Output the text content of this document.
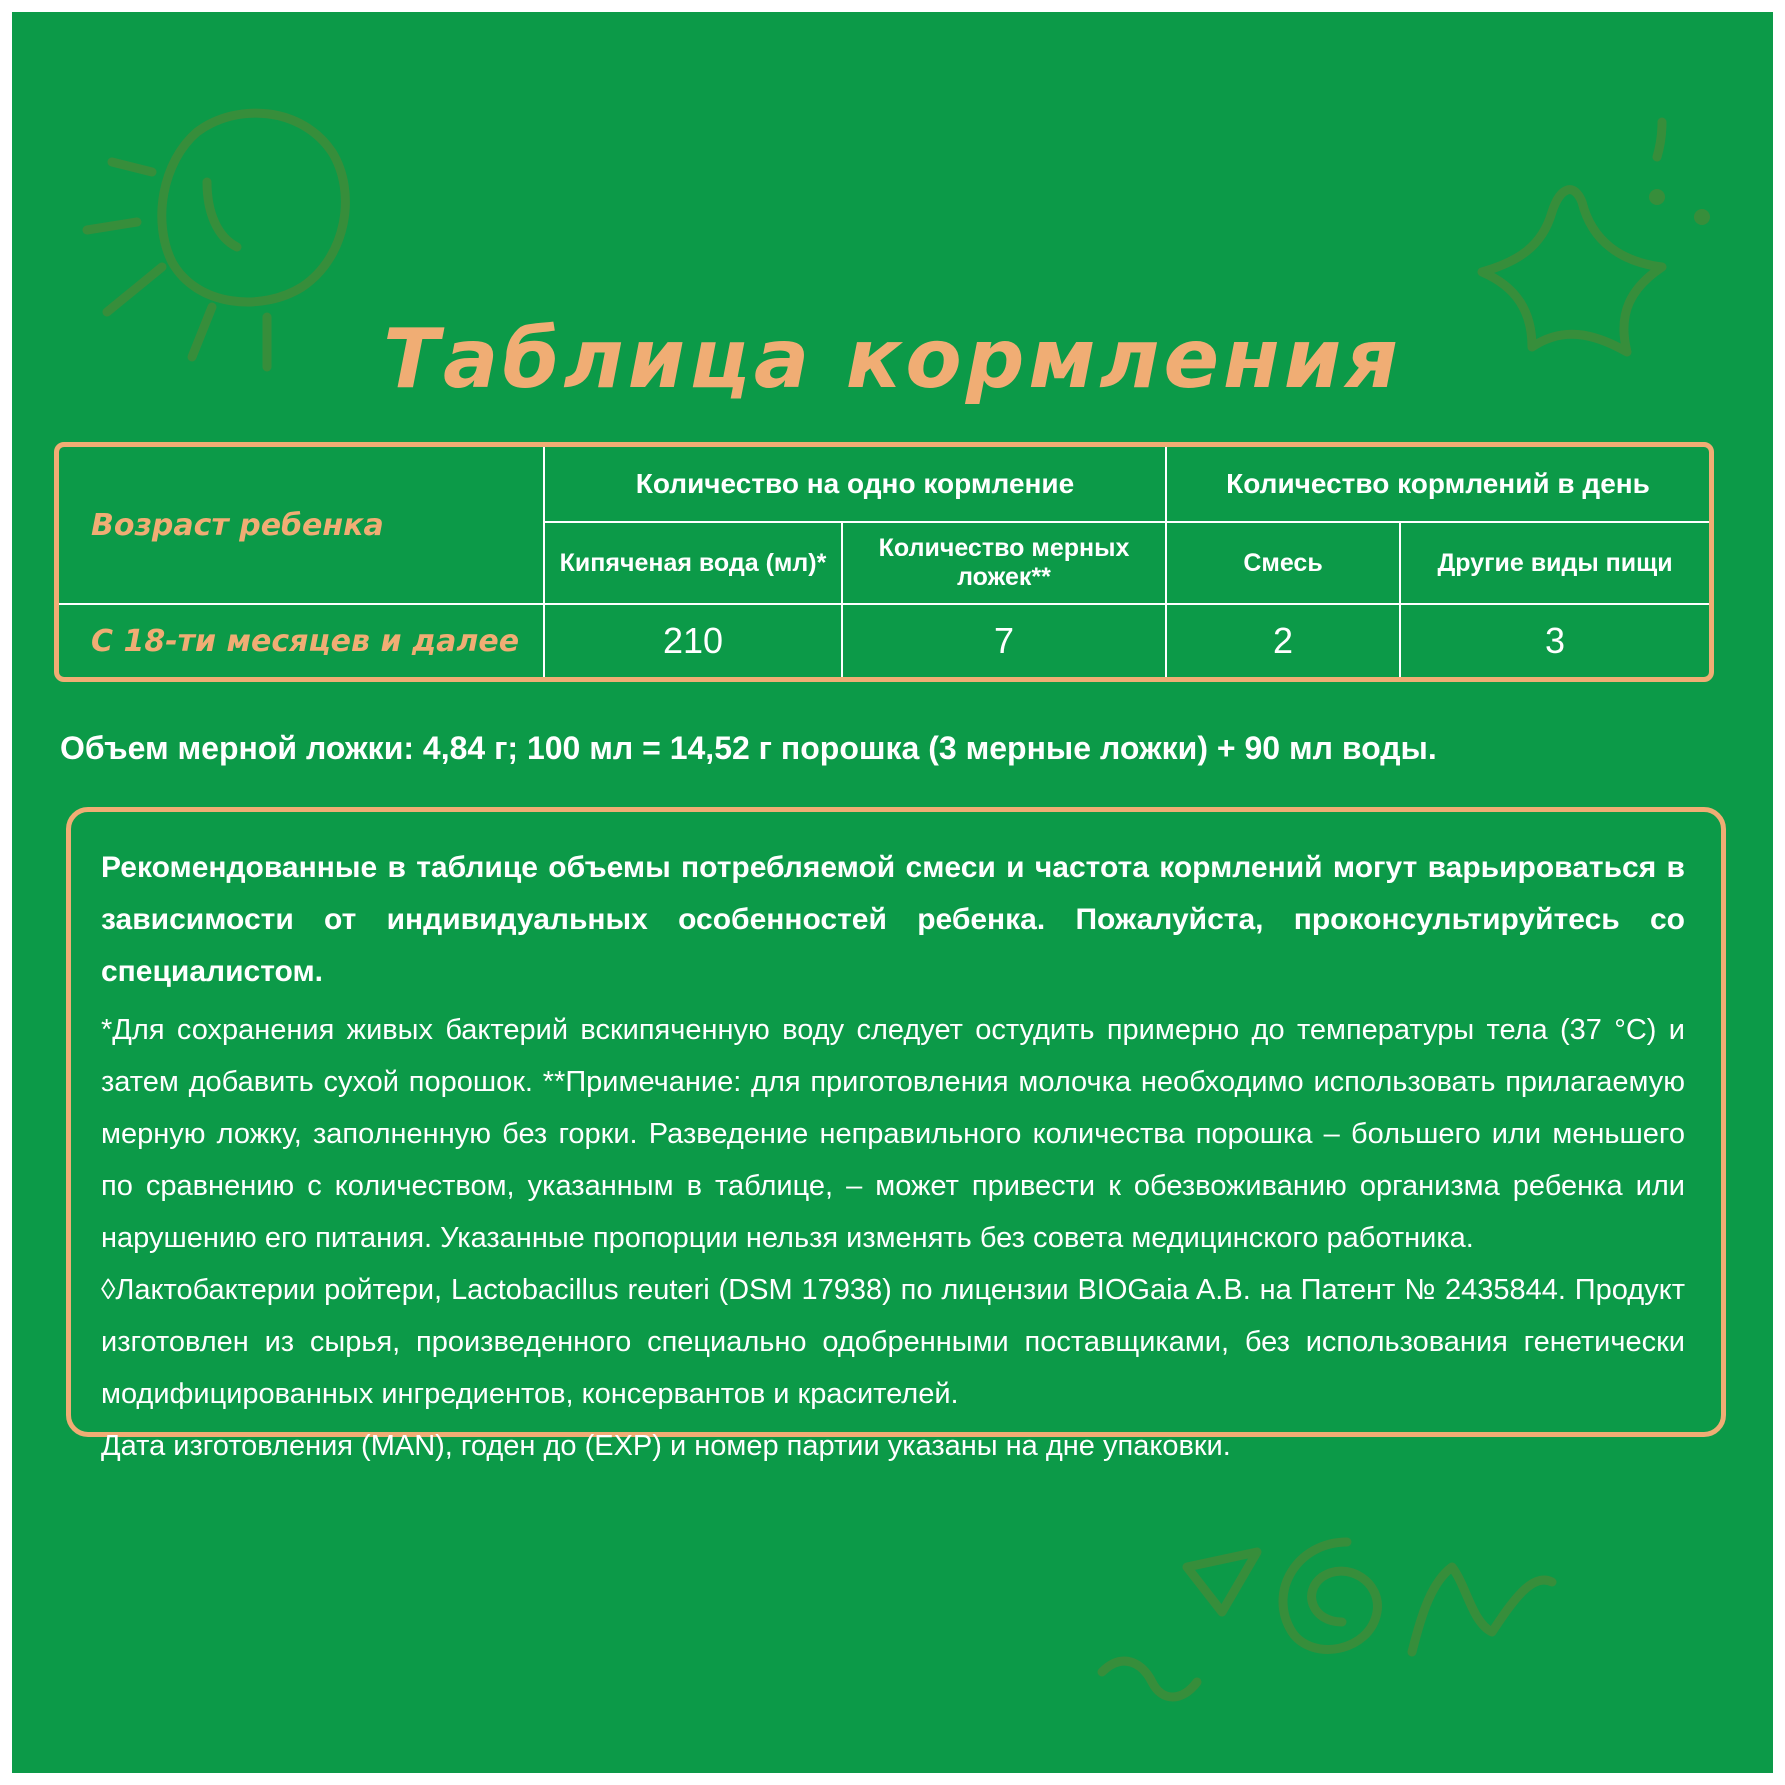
Таблица кормления
Возраст ребенка	Количество на одно кормление		Количество кормлений в день	
	Кипяченая вода (мл)*	Количество мерных ложек**	Смесь	Другие виды пищи
С 18-ти месяцев и далее	210	7	2	3
Объем мерной ложки: 4,84 г; 100 мл = 14,52 г порошка (3 мерные ложки) + 90 мл воды.
Рекомендованные в таблице объемы потребляемой смеси и частота кормлений могут варьироваться в зависимости от индивидуальных особенностей ребенка. Пожалуйста, проконсультируйтесь со специалистом.

*Для сохранения живых бактерий вскипяченную воду следует остудить примерно до температуры тела (37 °С) и затем добавить сухой порошок. **Примечание: для приготовления молочка необходимо использовать прилагаемую мерную ложку, заполненную без горки. Разведение неправильного количества порошка – большего или меньшего по сравнению с количеством, указанным в таблице, – может привести к обезвоживанию организма ребенка или нарушению его питания. Указанные пропорции нельзя изменять без совета медицинского работника.

◊Лактобактерии ройтери, Lactobacillus reuteri (DSM 17938) по лицензии BIOGaia A.B. на Патент № 2435844. Продукт изготовлен из сырья, произведенного специально одобренными поставщиками, без использования генетически модифицированных ингредиентов, консервантов и красителей.

Дата изготовления (MAN), годен до (EXP) и номер партии указаны на дне упаковки.
